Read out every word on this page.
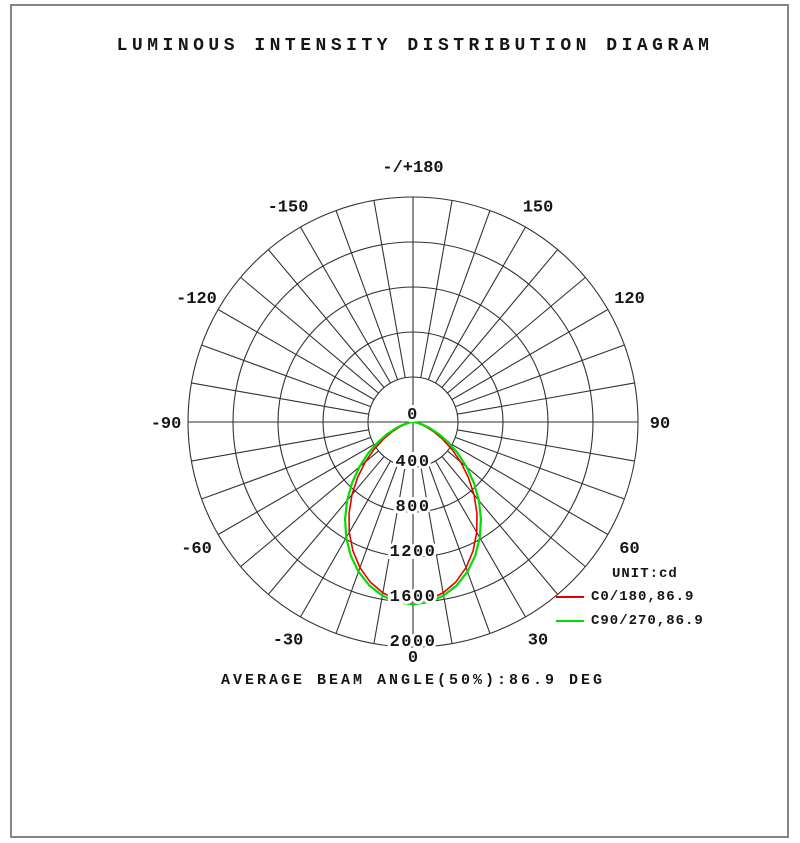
LUMINOUS INTENSITY DISTRIBUTION DIAGRAM
0
400
800
1200
1600
2000
-/+180
150
120
90
60
30
0
-30
-60
-90
-120
-150
UNIT:cd
C0/180,86.9
C90/270,86.9
AVERAGE BEAM ANGLE(50%):86.9 DEG
